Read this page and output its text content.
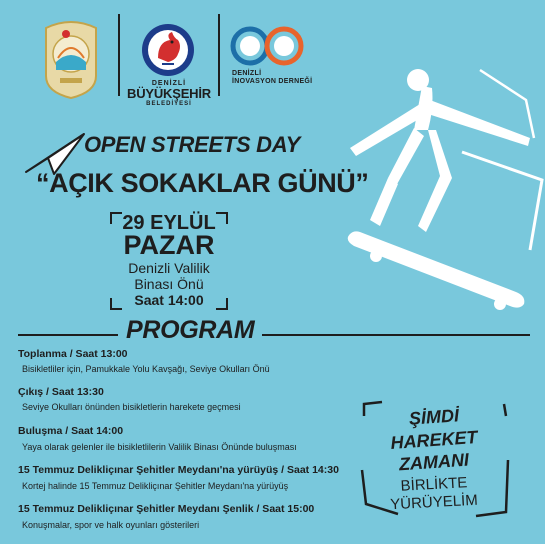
DENİZLİ
BÜYÜKŞEHİR
BELEDİYESİ
DENİZLİ
İNOVASYON DERNEĞİ

OPEN STREETS DAY

“AÇIK SOKAKLAR GÜNÜ”

29 EYLÜL

PAZAR

Denizli Valilik

Binası Önü

Saat 14:00

PROGRAM

Toplanma / Saat 13:00

Bisikletliler için, Pamukkale Yolu Kavşağı, Seviye Okulları Önü

Çıkış / Saat 13:30

Seviye Okulları önünden bisikletlerin harekete geçmesi

Buluşma / Saat 14:00

Yaya olarak gelenler ile bisikletlilerin Valilik Binası Önünde buluşması

15 Temmuz Delikliçınar Şehitler Meydanı'na yürüyüş / Saat 14:30

Kortej halinde 15 Temmuz Delikliçınar Şehitler Meydanı'na yürüyüş

15 Temmuz Delikliçınar Şehitler Meydanı Şenlik / Saat 15:00

Konuşmalar, spor ve halk oyunları gösterileri

ŞİMDİ

HAREKET

ZAMANI

BİRLİKTE

YÜRÜYELİM
